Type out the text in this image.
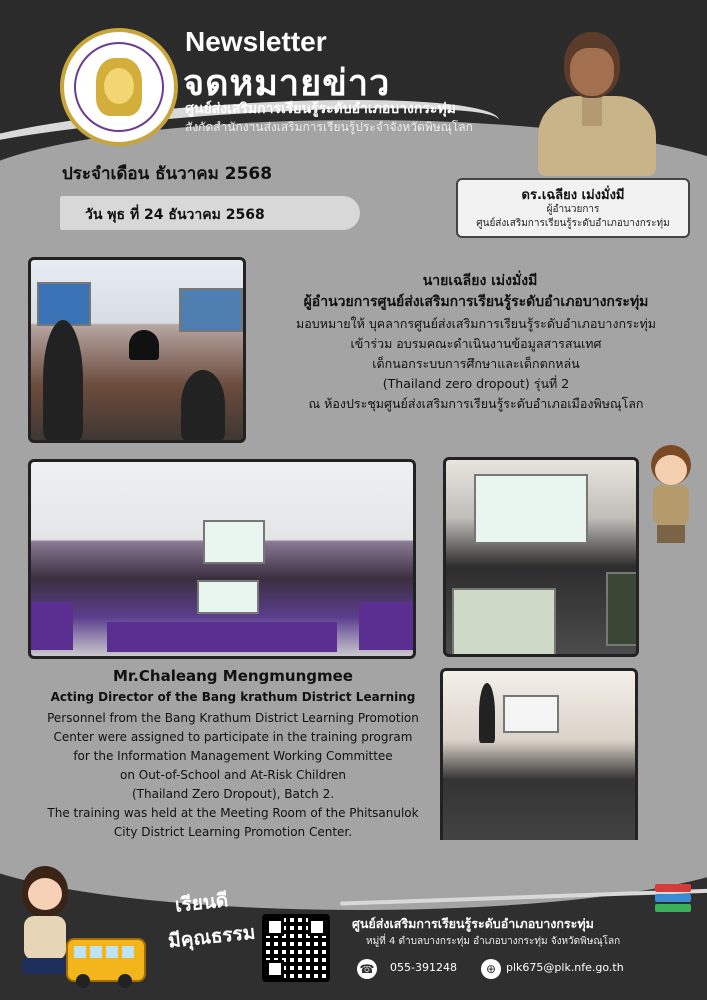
Newsletter
จดหมายข่าว
ศูนย์ส่งเสริมการเรียนรู้ระดับอำเภอบางกระทุ่ม
สังกัดสำนักงานส่งเสริมการเรียนรู้ประจำจังหวัดพิษณุโลก
ประจำเดือน ธันวาคม 2568
วัน พุธ ที่ 24 ธันวาคม 2568
ดร.เฉลียง เม่งมั่งมี
ผู้อำนวยการ
ศูนย์ส่งเสริมการเรียนรู้ระดับอำเภอบางกระทุ่ม
นายเฉลียง เม่งมั่งมี
ผู้อำนวยการศูนย์ส่งเสริมการเรียนรู้ระดับอำเภอบางกระทุ่ม
มอบหมายให้ บุคลากรศูนย์ส่งเสริมการเรียนรู้ระดับอำเภอบางกระทุ่ม
เข้าร่วม อบรมคณะดำเนินงานข้อมูลสารสนเทศ
เด็กนอกระบบการศึกษาและเด็กตกหล่น
(Thailand zero dropout) รุ่นที่ 2
ณ ห้องประชุมศูนย์ส่งเสริมการเรียนรู้ระดับอำเภอเมืองพิษณุโลก
Mr.Chaleang Mengmungmee
Acting Director of the Bang krathum District Learning
Personnel from the Bang Krathum District Learning Promotion
Center were assigned to participate in the training program
for the Information Management Working Committee
on Out-of-School and At-Risk Children
(Thailand Zero Dropout), Batch 2.
The training was held at the Meeting Room of the Phitsanulok
City District Learning Promotion Center.
เรียนดี
มีคุณธรรม	ศูนย์ส่งเสริมการเรียนรู้ระดับอำเภอบางกระทุ่ม
หมู่ที่ 4 ตำบลบางกระทุ่ม อำเภอบางกระทุ่ม จังหวัดพิษณุโลก
☎ 055-391248	⊕ plk675@plk.nfe.go.th
